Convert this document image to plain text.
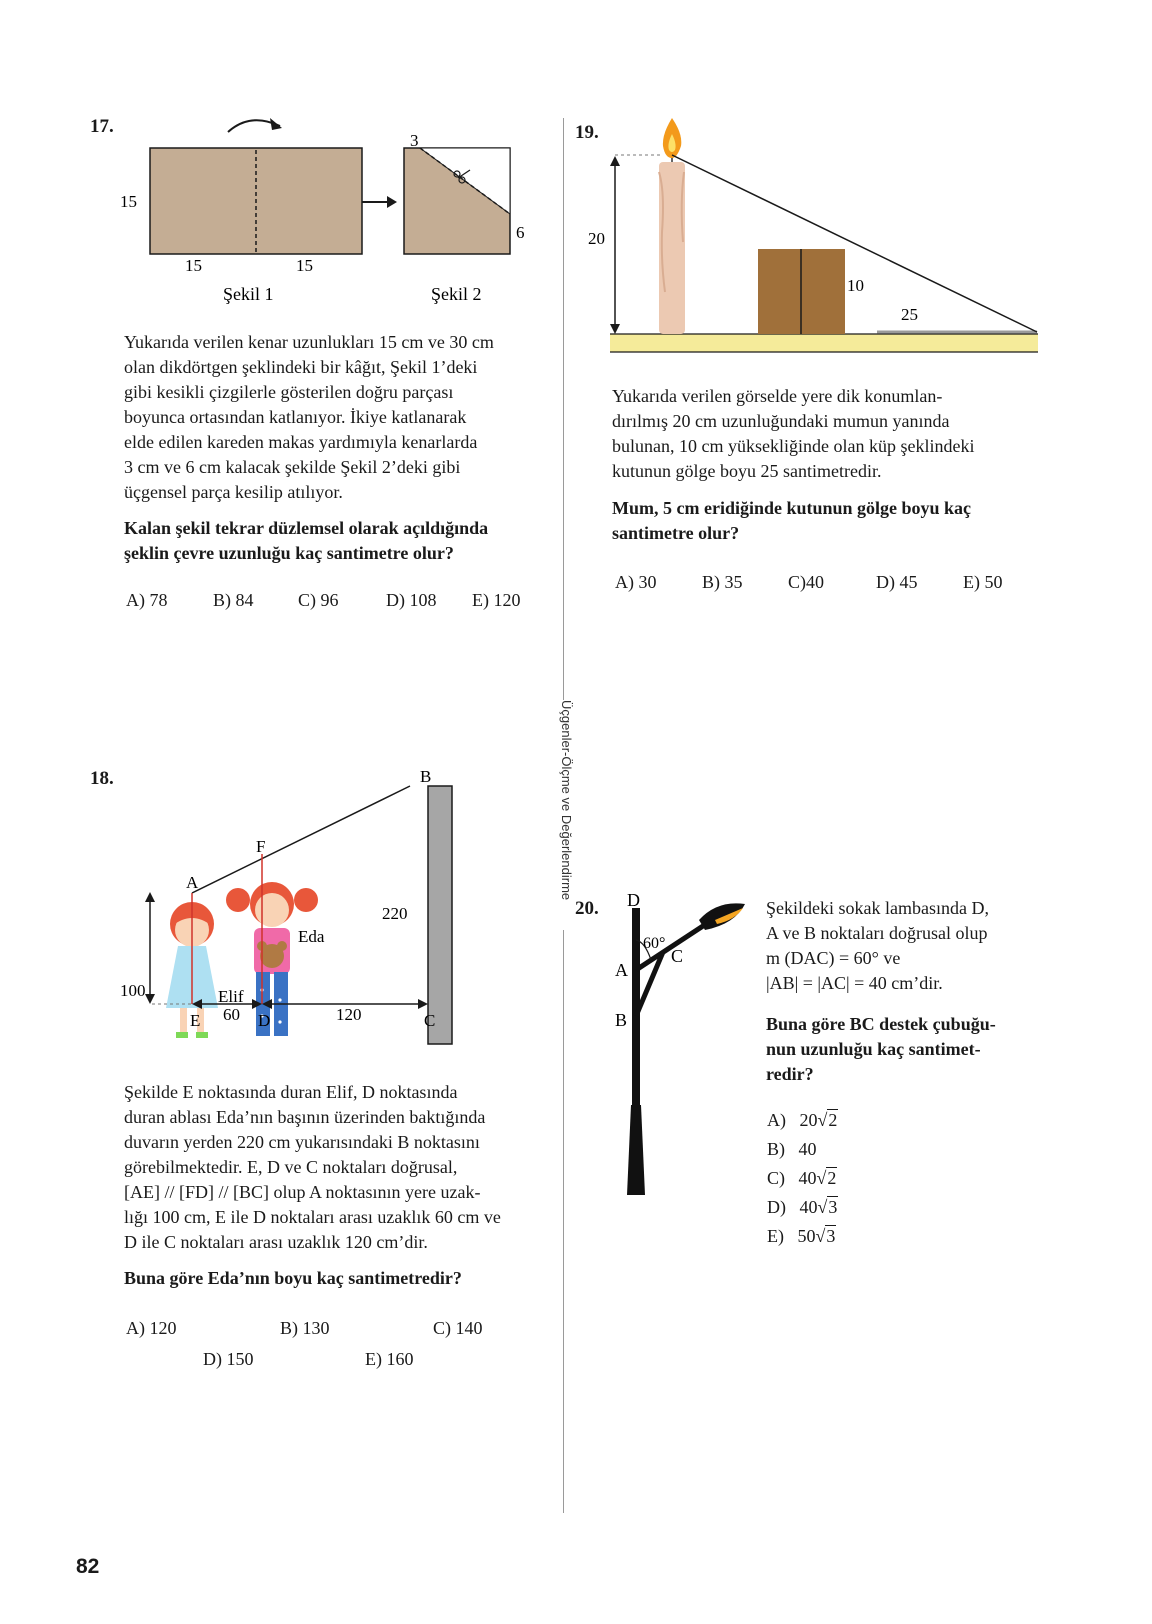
Üçgenler-Ölçme ve Değerlendirme
17.
15
15	15
3
6
Şekil 1	Şekil 2

Yukarıda verilen kenar uzunlukları 15 cm ve 30 cm

olan dikdörtgen şeklindeki bir kâğıt, Şekil 1’deki

gibi kesikli çizgilerle gösterilen doğru parçası

boyunca ortasından katlanıyor. İkiye katlanarak

elde edilen kareden makas yardımıyla kenarlarda

3 cm ve 6 cm kalacak şekilde Şekil 2’deki gibi

üçgensel parça kesilip atılıyor.

Kalan şekil tekrar düzlemsel olarak açıldığında

şeklin çevre uzunluğu kaç santimetre olur?

A) 78	B) 84 C) 96	D) 108 E) 120
19.
20
10
25

Yukarıda verilen görselde yere dik konumlan-

dırılmış 20 cm uzunluğundaki mumun yanında

bulunan, 10 cm yüksekliğinde olan küp şeklindeki

kutunun gölge boyu 25 santimetredir.

Mum, 5 cm eridiğinde kutunun gölge boyu kaç

santimetre olur?

A) 30	B) 35	C)40	D) 45	E) 50
18.	B
F
A
E	D	C
100
220
60	120
Elif
Eda

Şekilde E noktasında duran Elif, D noktasında

duran ablası Eda’nın başının üzerinden baktığında

duvarın yerden 220 cm yukarısındaki B noktasını

görebilmektedir. E, D ve C noktaları doğrusal,

[AE] // [FD] // [BC] olup A noktasının yere uzak-

lığı 100 cm, E ile D noktaları arası uzaklık 60 cm ve

D ile C noktaları arası uzaklık 120 cm’dir.

Buna göre Eda’nın boyu kaç santimetredir?

A) 120	B) 130	C) 140
D) 150	E) 160
20. D
A
B
C
60°

Şekildeki sokak lambasında D,

A ve B noktaları doğrusal olup

m (DAC) = 60° ve

|AB| = |AC| = 40 cm’dir.

Buna göre BC destek çubuğu-

nun uzunluğu kaç santimet-

redir?

A) 20√2
B) 40
C) 40√2
D) 40√3
E) 50√3
82
